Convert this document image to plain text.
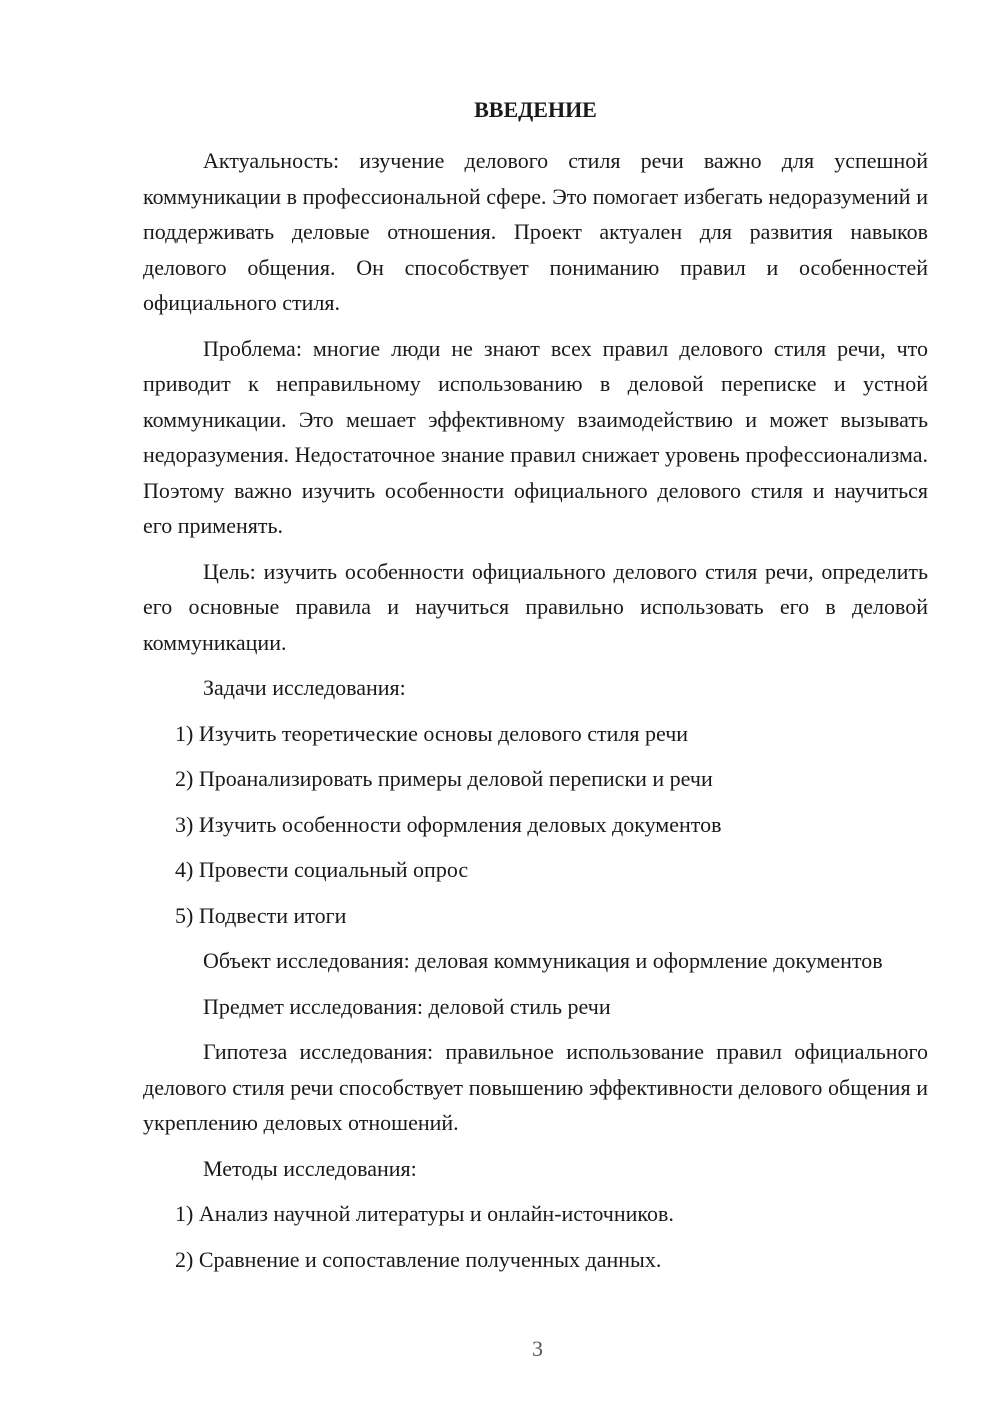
ВВЕДЕНИЕ
Актуальность: изучение делового стиля речи важно для успешной коммуникации в профессиональной сфере. Это помогает избегать недоразумений и поддерживать деловые отношения. Проект актуален для развития навыков делового общения. Он способствует пониманию правил и особенностей официального стиля.
Проблема: многие люди не знают всех правил делового стиля речи, что приводит к неправильному использованию в деловой переписке и устной коммуникации. Это мешает эффективному взаимодействию и может вызывать недоразумения. Недостаточное знание правил снижает уровень профессионализма. Поэтому важно изучить особенности официального делового стиля и научиться его применять.
Цель: изучить особенности официального делового стиля речи, определить его основные правила и научиться правильно использовать его в деловой коммуникации.
Задачи исследования:
1) Изучить теоретические основы делового стиля речи
2) Проанализировать примеры деловой переписки и речи
3) Изучить особенности оформления деловых документов
4) Провести социальный опрос
5) Подвести итоги
Объект исследования: деловая коммуникация и оформление документов
Предмет исследования: деловой стиль речи
Гипотеза исследования: правильное использование правил официального делового стиля речи способствует повышению эффективности делового общения и укреплению деловых отношений.
Методы исследования:
1) Анализ научной литературы и онлайн-источников.
2) Сравнение и сопоставление полученных данных.
3
